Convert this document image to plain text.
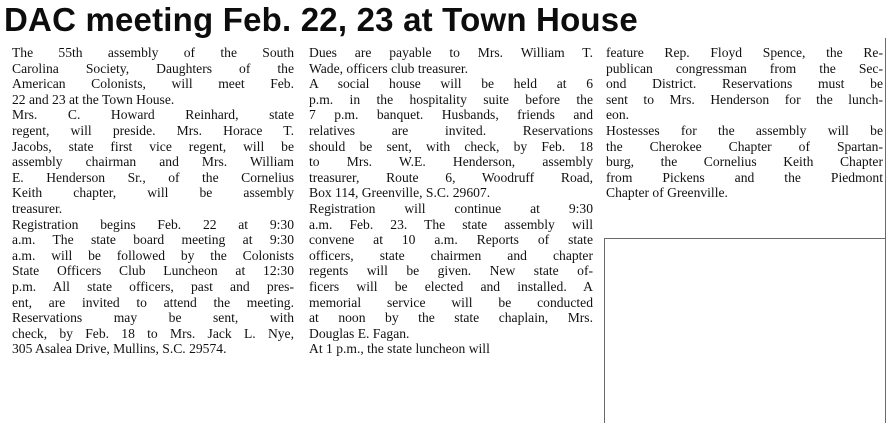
DAC meeting Feb. 22, 23 at Town House
The 55th assembly of the South
Carolina Society, Daughters of the
American Colonists, will meet Feb.
22 and 23 at the Town House.
Mrs. C. Howard Reinhard, state
regent, will preside. Mrs. Horace T.
Jacobs, state first vice regent, will be
assembly chairman and Mrs. William
E. Henderson Sr., of the Cornelius
Keith chapter, will be assembly
treasurer.
Registration begins Feb. 22 at 9:30
a.m. The state board meeting at 9:30
a.m. will be followed by the Colonists
State Officers Club Luncheon at 12:30
p.m. All state officers, past and pres-
ent, are invited to attend the meeting.
Reservations may be sent, with
check, by Feb. 18 to Mrs. Jack L. Nye,
305 Asalea Drive, Mullins, S.C. 29574.
Dues are payable to Mrs. William T.
Wade, officers club treasurer.
A social house will be held at 6
p.m. in the hospitality suite before the
7 p.m. banquet. Husbands, friends and
relatives are invited. Reservations
should be sent, with check, by Feb. 18
to Mrs. W.E. Henderson, assembly
treasurer, Route 6, Woodruff Road,
Box 114, Greenville, S.C. 29607.
Registration will continue at 9:30
a.m. Feb. 23. The state assembly will
convene at 10 a.m. Reports of state
officers, state chairmen and chapter
regents will be given. New state of-
ficers will be elected and installed. A
memorial service will be conducted
at noon by the state chaplain, Mrs.
Douglas E. Fagan.
At 1 p.m., the state luncheon will
feature Rep. Floyd Spence, the Re-
publican congressman from the Sec-
ond District. Reservations must be
sent to Mrs. Henderson for the lunch-
eon.
Hostesses for the assembly will be
the Cherokee Chapter of Spartan-
burg, the Cornelius Keith Chapter
from Pickens and the Piedmont
Chapter of Greenville.
